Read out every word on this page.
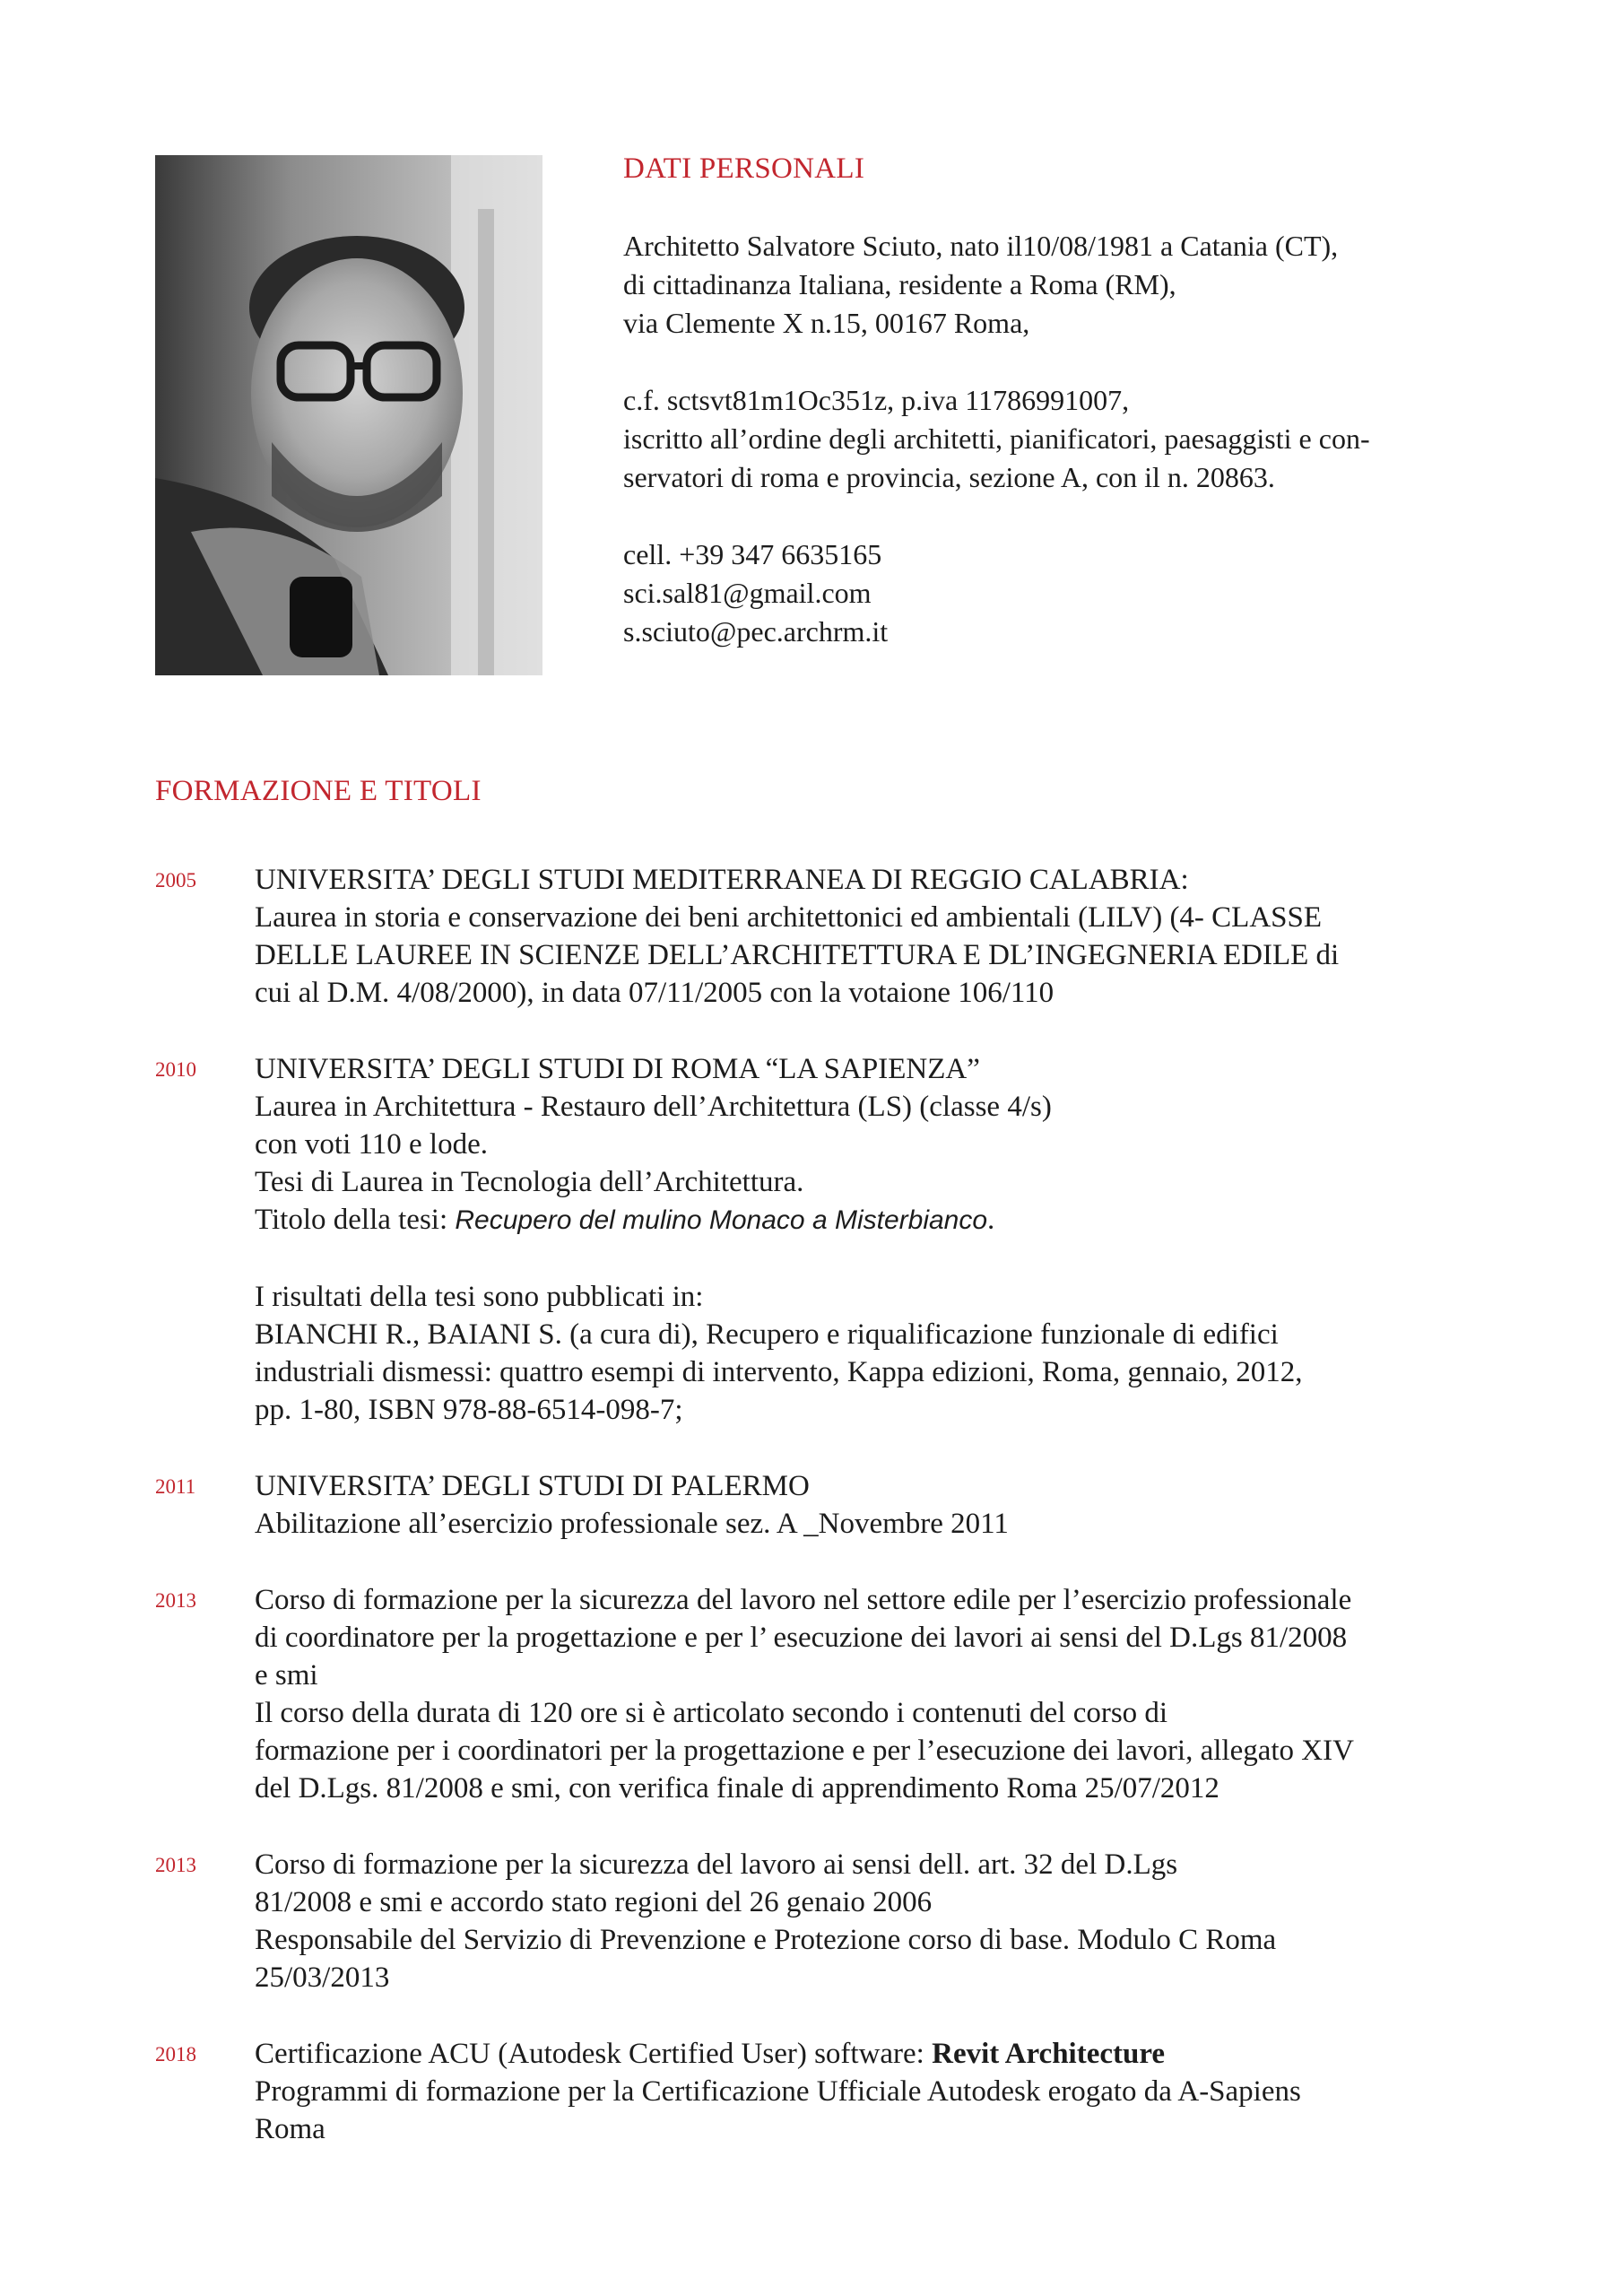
DATI PERSONALI

Architetto Salvatore Sciuto, nato il10/08/1981 a Catania (CT),
di cittadinanza Italiana, residente a Roma (RM),
via Clemente X n.15, 00167 Roma,

c.f. sctsvt81m1Oc351z, p.iva 11786991007,
iscritto all’ordine degli architetti, pianificatori, paesaggisti e con-
servatori di roma e provincia, sezione A, con il n. 20863.

cell. +39 347 6635165
sci.sal81@gmail.com
s.sciuto@pec.archrm.it

FORMAZIONE E TITOLI
2005 UNIVERSITA’ DEGLI STUDI MEDITERRANEA DI REGGIO CALABRIA:
Laurea in storia e conservazione dei beni architettonici ed ambientali (LILV) (4- CLASSE
DELLE LAUREE IN SCIENZE DELL’ARCHITETTURA E DL’INGEGNERIA EDILE di
cui al D.M. 4/08/2000), in data 07/11/2005 con la votaione 106/110
2010 UNIVERSITA’ DEGLI STUDI DI ROMA “LA SAPIENZA”
Laurea in Architettura - Restauro dell’Architettura (LS) (classe 4/s)
con voti 110 e lode.
Tesi di Laurea in Tecnologia dell’Architettura.
Titolo della tesi: Recupero del mulino Monaco a Misterbianco.
I risultati della tesi sono pubblicati in:
BIANCHI R., BAIANI S. (a cura di), Recupero e riqualificazione funzionale di edifici
industriali dismessi: quattro esempi di intervento, Kappa edizioni, Roma, gennaio, 2012,
pp. 1-80, ISBN 978-88-6514-098-7;
2011 UNIVERSITA’ DEGLI STUDI DI PALERMO
Abilitazione all’esercizio professionale sez. A _Novembre 2011
2013 Corso di formazione per la sicurezza del lavoro nel settore edile per l’esercizio professionale
di coordinatore per la progettazione e per l’ esecuzione dei lavori ai sensi del D.Lgs 81/2008
e smi
Il corso della durata di 120 ore si è articolato secondo i contenuti del corso di
formazione per i coordinatori per la progettazione e per l’esecuzione dei lavori, allegato XIV
del D.Lgs. 81/2008 e smi, con verifica finale di apprendimento Roma 25/07/2012
2013 Corso di formazione per la sicurezza del lavoro ai sensi dell. art. 32 del D.Lgs
81/2008 e smi e accordo stato regioni del 26 genaio 2006
Responsabile del Servizio di Prevenzione e Protezione corso di base. Modulo C Roma
25/03/2013
2018 Certificazione ACU (Autodesk Certified User) software: Revit Architecture
Programmi di formazione per la Certificazione Ufficiale Autodesk erogato da A-Sapiens
Roma
